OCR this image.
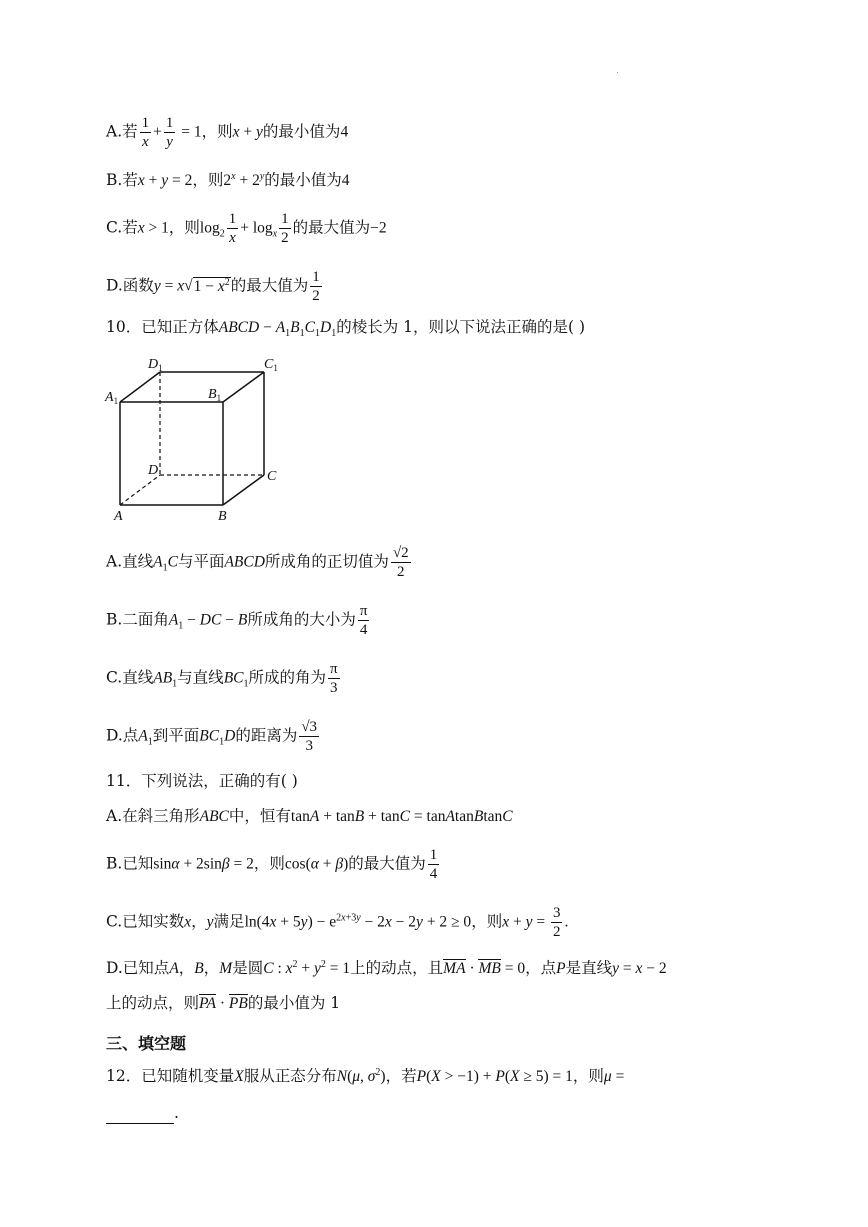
A.若 $\frac{1}{x} + \frac{1}{y} = 1$，则x + y的最小值为4
B.若x + y = 2，则$2^x + 2^y$的最小值为4
C.若x > 1，则$\log_2 \frac{1}{x} + \log_x \frac{1}{2}$ 的最大值为−2
D.函数$y = x√1 - x^2$的最大值为 $\frac{1}{2}$
10．已知正方体ABCD − $A_1B_1C_1D_1$的棱长为 1，则以下说法正确的是( )
$D_1$	$C_1$
$A_1$	$B_1$
D	C
A	B
A.直线$A_1C$与平面ABCD所成角的正切值为 $\frac{√2}{2}$
B.二面角$A_1$ − DC − B所成角的大小为 $\frac{\pi}{4}$
C.直线$AB_1$与直线$BC_1$所成的角为 $\frac{\pi}{3}$
D.点$A_1$到平面$BC_1D$的距离为 $\frac{√3}{3}$
11．下列说法，正确的有( )
A.在斜三角形ABC中，恒有tanA + tanB + tanC = tanAtanBtanC
B.已知sinα + 2sinβ = 2，则cos(α + β)的最大值为 $\frac{1}{4}$
C.已知实数x，y满足$\ln(4x + 5y) - e^{2x+3y} - 2x - 2y + 2 \ge 0$，则$x + y = \frac{3}{2}$ .
D.已知点A，B，M是圆C : $x^2 + y^2 = 1$上的动点，且MA · MB = 0，点P是直线y = x − 2
上的动点，则PA · PB的最小值为 1
三、填空题
12．已知随机变量X服从正态分布N(μ, $\sigma^2$)，若P(X > −1) + P(X ≥ 5) = 1，则μ =
.
